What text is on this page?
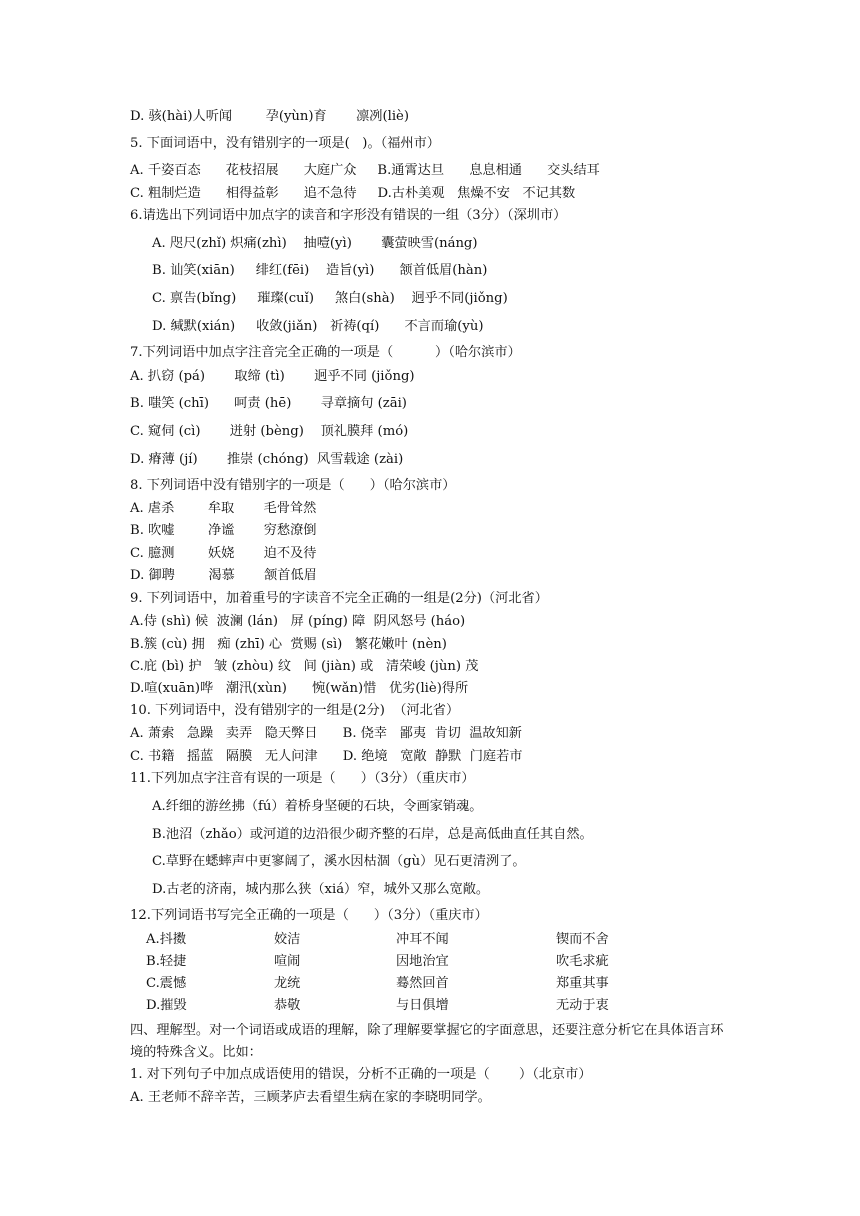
D. 骇(hài)人听闻        孕(yùn)育       凛冽(liè)
5. 下面词语中，没有错别字的一项是(   )。（福州市）
A. 千姿百态      花枝招展      大庭广众     B.通霄达旦      息息相通      交头结耳
C. 粗制烂造      相得益彰      追不急待     D.古朴美观   焦燥不安   不记其数
6.请选出下列词语中加点字的读音和字形没有错误的一组（3分）（深圳市）
A. 咫尺(zhǐ) 炽痛(zhì)    抽噎(yì)       囊萤映雪(náng)
B. 讪笑(xiān)     绯红(fēi)    造旨(yì)      颔首低眉(hàn)
C. 禀告(bǐng)     璀璨(cuǐ)     煞白(shà)    迥乎不同(jiǒng)
D. 缄默(xián)     收敛(jiǎn)   祈祷(qí)      不言而瑜(yù)
7.下列词语中加点字注音完全正确的一项是（          ）（哈尔滨市）
A. 扒窃 (pá)       取缔 (tì)       迥乎不同 (jiǒng)
B. 嗤笑 (chī)      呵责 (hē)       寻章摘句 (zāi)
C. 窥伺 (cì)       迸射 (bèng)    顶礼膜拜 (mó)
D. 瘠薄 (jí)       推崇 (chóng)  风雪载途 (zài)
8. 下列词语中没有错别字的一项是（      ）（哈尔滨市）
A. 虐杀        牟取       毛骨耸然
B. 吹嘘        净谧       穷愁潦倒
C. 臆测        妖娆       迫不及待
D. 御聘        渴慕       颔首低眉
9. 下列词语中，加着重号的字读音不完全正确的一组是(2分)（河北省）
A.侍 (shì) 候  波澜 (lán)   屏 (píng) 障  阴风怒号 (háo)
B.簇 (cù) 拥   痴 (zhī) 心  赏赐 (sì)   繁花嫩叶 (nèn)
C.庇 (bì) 护   皱 (zhòu) 纹   间 (jiàn) 或   清荣峻 (jùn) 茂
D.喧(xuān)哗   潮汛(xùn)      惋(wǎn)惜   优劣(liè)得所
10. 下列词语中，没有错别字的一组是(2分)  （河北省）
A. 萧索   急躁   卖弄   隐天弊日      B. 侥幸   鄙夷  肯切  温故知新
C. 书籍   摇蓝   隔膜   无人问津      D. 绝境   宽敞  静默  门庭若市
11.下列加点字注音有误的一项是（      ）（3分）（重庆市）
A.纤细的游丝拂（fú）着桥身坚硬的石块，令画家销魂。
B.池沼（zhǎo）或河道的边沿很少砌齐整的石岸，总是高低曲直任其自然。
C.草野在蟋蟀声中更寥阔了，溪水因枯涸（gù）见石更清洌了。
D.古老的济南，城内那么狭（xiá）窄，城外又那么宽敞。
12.下列词语书写完全正确的一项是（      ）（3分）（重庆市）
A.抖擞	姣洁	冲耳不闻	锲而不舍
B.轻捷	喧闹	因地治宜	吹毛求疵
C.震憾	龙统	蓦然回首	郑重其事
D.摧毁	恭敬	与日俱增	无动于衷
四、理解型。对一个词语或成语的理解，除了理解要掌握它的字面意思，还要注意分析它在具体语言环境的特殊含义。比如：
1. 对下列句子中加点成语使用的错误，分析不正确的一项是（       ）（北京市）
A. 王老师不辞辛苦，三顾茅庐去看望生病在家的李晓明同学。
